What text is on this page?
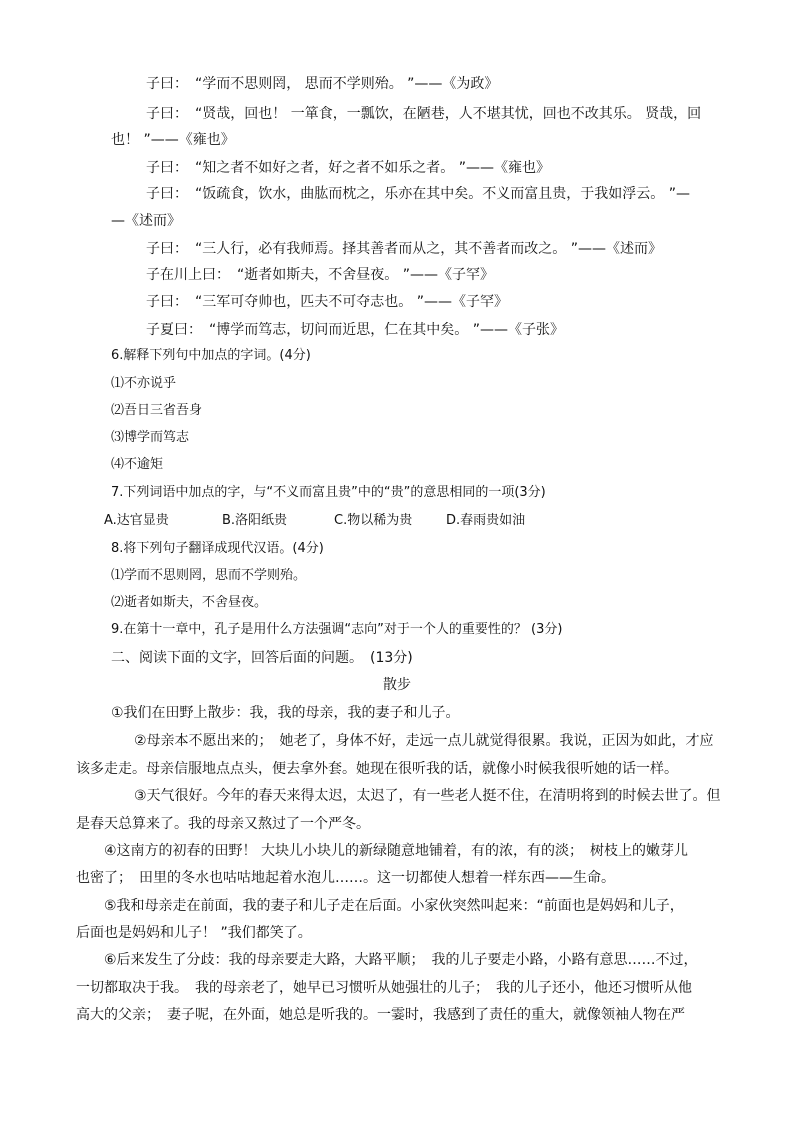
子曰：　“学而不思则罔， 思而不学则殆。 ”——《为政》
子曰：　“贤哉，回也！ 一箪食，一瓢饮，在陋巷，人不堪其忧，回也不改其乐。 贤哉，回
也！ ”——《雍也》
子曰：　“知之者不如好之者，好之者不如乐之者。 ”——《雍也》
子曰：　“饭疏食，饮水，曲肱而枕之，乐亦在其中矣。不义而富且贵，于我如浮云。 ”—
—《述而》
子曰：　“三人行，必有我师焉。择其善者而从之，其不善者而改之。 ”——《述而》
子在川上曰：　“逝者如斯夫，不舍昼夜。 ”——《子罕》
子曰：　“三军可夺帅也，匹夫不可夺志也。 ”——《子罕》
子夏曰：　“博学而笃志，切问而近思，仁在其中矣。 ”——《子张》
6.解释下列句中加点的字词。(4分)
⑴不亦说乎
⑵吾日三省吾身
⑶博学而笃志
⑷不逾矩
7.下列词语中加点的字，与“不义而富且贵”中的“贵”的意思相同的一项(3分)
A.达官显贵	B.洛阳纸贵	C.物以稀为贵	D.春雨贵如油
8.将下列句子翻译成现代汉语。(4分)
⑴学而不思则罔，思而不学则殆。
⑵逝者如斯夫，不舍昼夜。
9.在第十一章中，孔子是用什么方法强调“志向”对于一个人的重要性的？ (3分)
二、阅读下面的文字，回答后面的问题。　(13分)
散步
①我们在田野上散步：我，我的母亲，我的妻子和儿子。
②母亲本不愿出来的；　她老了，身体不好，走远一点儿就觉得很累。我说，正因为如此，才应
该多走走。母亲信服地点点头，便去拿外套。她现在很听我的话，就像小时候我很听她的话一样。
③天气很好。今年的春天来得太迟，太迟了，有一些老人挺不住，在清明将到的时候去世了。但
是春天总算来了。我的母亲又熬过了一个严冬。
④这南方的初春的田野！ 大块儿小块儿的新绿随意地铺着，有的浓，有的淡；　树枝上的嫩芽儿
也密了；　田里的冬水也咕咕地起着水泡儿……。这一切都使人想着一样东西——生命。
⑤我和母亲走在前面，我的妻子和儿子走在后面。小家伙突然叫起来：“前面也是妈妈和儿子，
后面也是妈妈和儿子！ ”我们都笑了。
⑥后来发生了分歧：我的母亲要走大路，大路平顺；　我的儿子要走小路，小路有意思……不过，
一切都取决于我。　我的母亲老了，她早已习惯听从她强壮的儿子；　我的儿子还小，他还习惯听从他
高大的父亲；　妻子呢，在外面，她总是听我的。一霎时，我感到了责任的重大，就像领袖人物在严
